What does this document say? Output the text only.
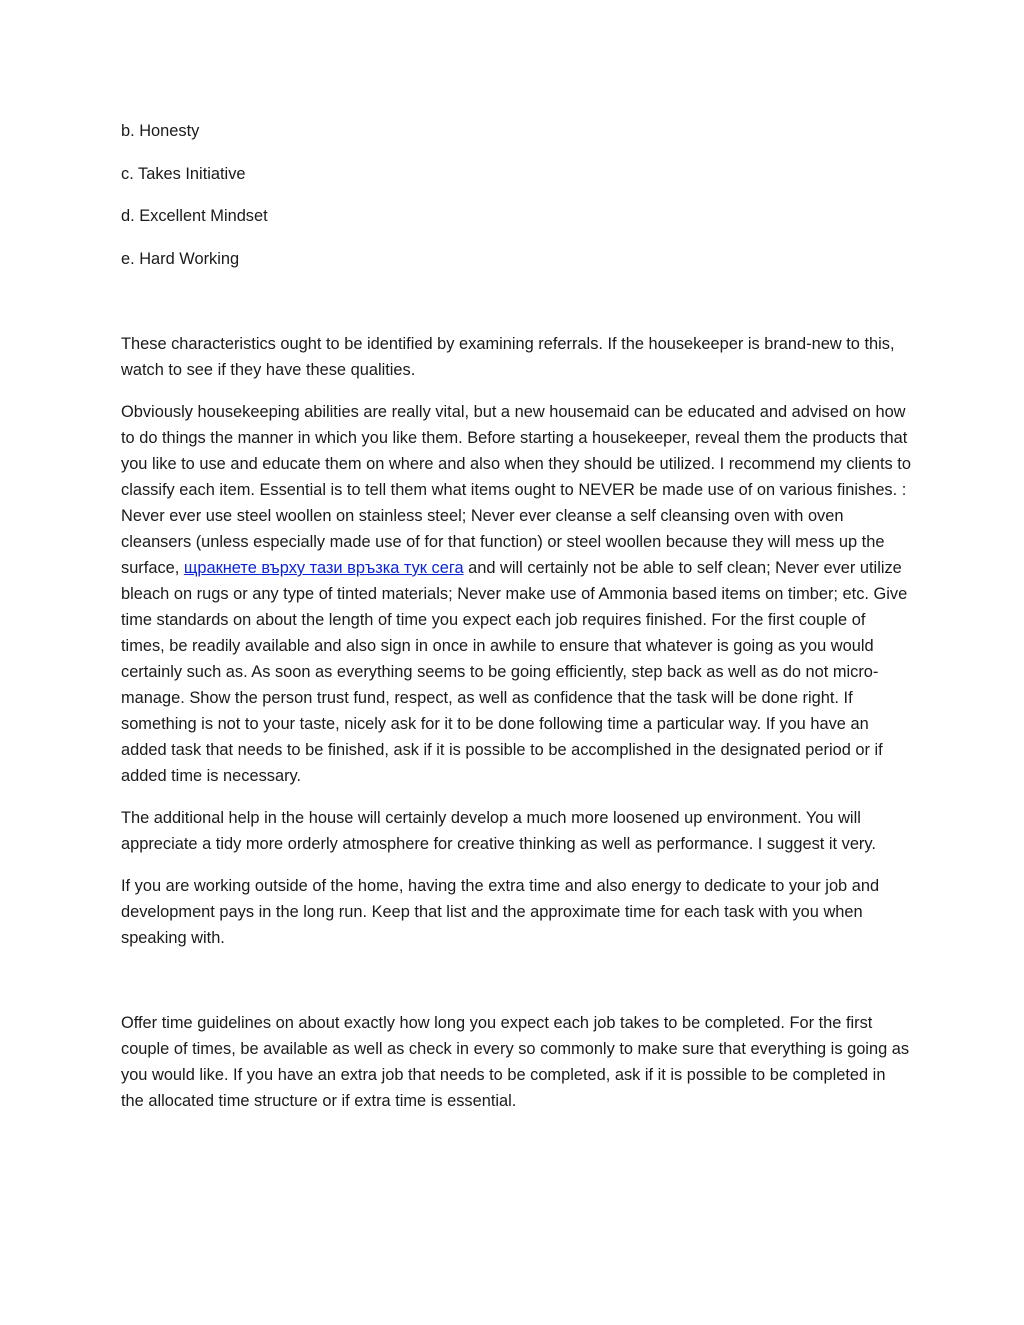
b. Honesty
c. Takes Initiative
d. Excellent Mindset
e. Hard Working

These characteristics ought to be identified by examining referrals. If the housekeeper is brand-new to this, watch to see if they have these qualities.

Obviously housekeeping abilities are really vital, but a new housemaid can be educated and advised on how to do things the manner in which you like them. Before starting a housekeeper, reveal them the products that you like to use and educate them on where and also when they should be utilized. I recommend my clients to classify each item. Essential is to tell them what items ought to NEVER be made use of on various finishes. : Never ever use steel woollen on stainless steel; Never ever cleanse a self cleansing oven with oven cleansers (unless especially made use of for that function) or steel woollen because they will mess up the surface, щракнете върху тази връзка тук сега and will certainly not be able to self clean; Never ever utilize bleach on rugs or any type of tinted materials; Never make use of Ammonia based items on timber; etc. Give time standards on about the length of time you expect each job requires finished. For the first couple of times, be readily available and also sign in once in awhile to ensure that whatever is going as you would certainly such as. As soon as everything seems to be going efficiently, step back as well as do not micro-manage. Show the person trust fund, respect, as well as confidence that the task will be done right. If something is not to your taste, nicely ask for it to be done following time a particular way. If you have an added task that needs to be finished, ask if it is possible to be accomplished in the designated period or if added time is necessary.

The additional help in the house will certainly develop a much more loosened up environment. You will appreciate a tidy more orderly atmosphere for creative thinking as well as performance. I suggest it very.

If you are working outside of the home, having the extra time and also energy to dedicate to your job and development pays in the long run. Keep that list and the approximate time for each task with you when speaking with.

Offer time guidelines on about exactly how long you expect each job takes to be completed. For the first couple of times, be available as well as check in every so commonly to make sure that everything is going as you would like. If you have an extra job that needs to be completed, ask if it is possible to be completed in the allocated time structure or if extra time is essential.
